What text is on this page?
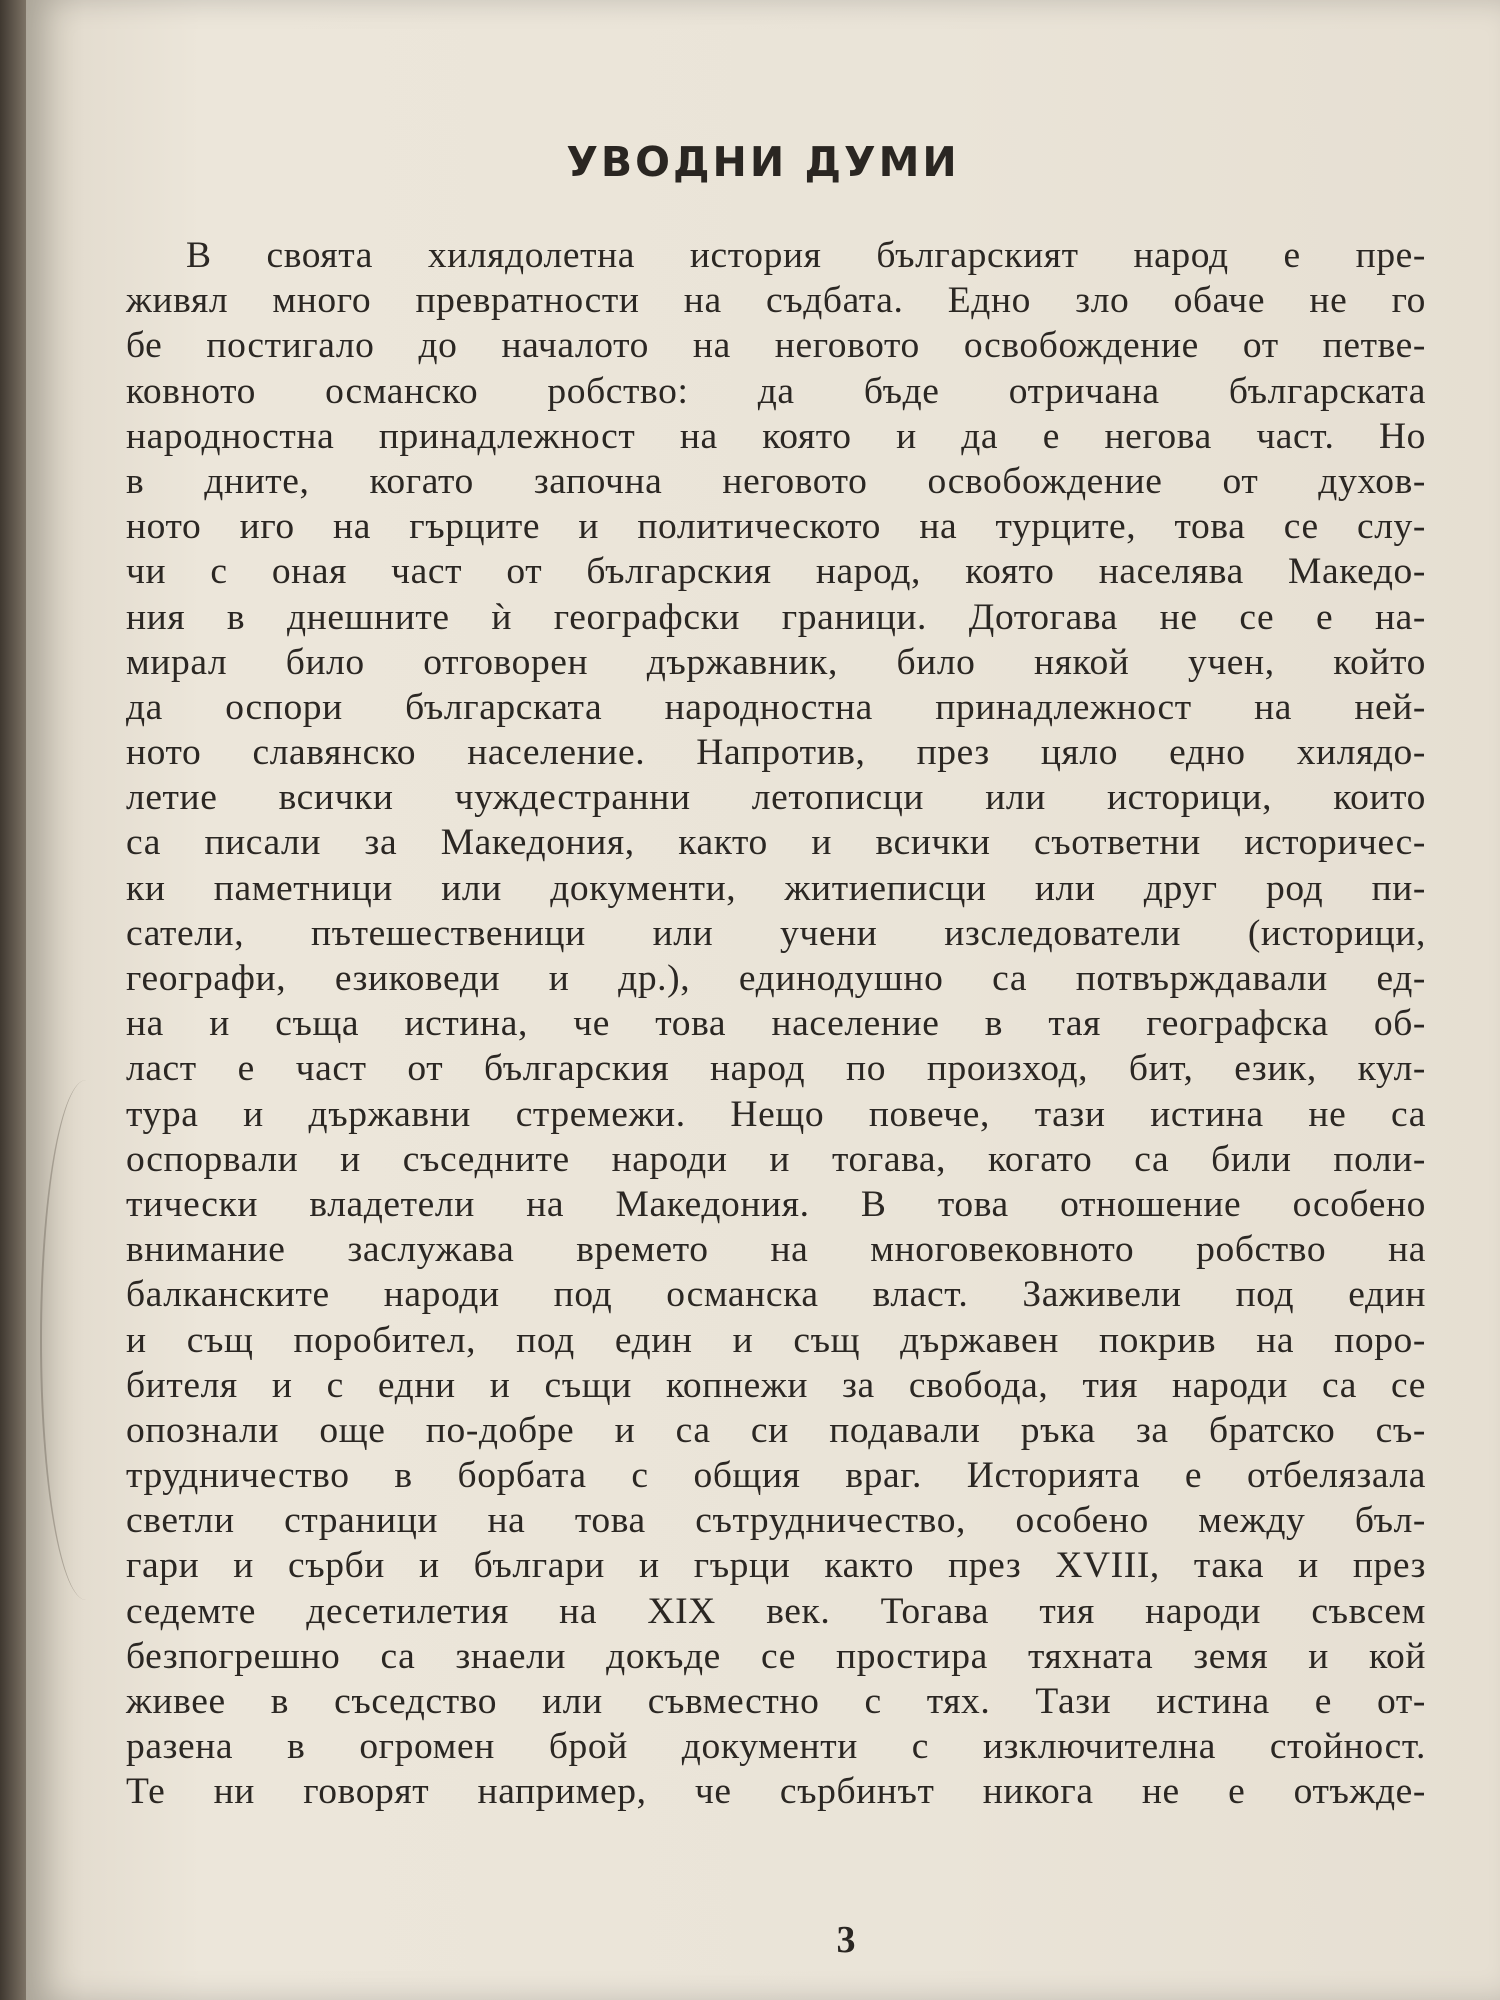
УВОДНИ ДУМИ
В своята хилядолетна история българският народ е пре-
живял много превратности на съдбата. Едно зло обаче не го
бе постигало до началото на неговото освобождение от петве-
ковното османско робство: да бъде отричана българската
народностна принадлежност на която и да е негова част. Но
в дните, когато започна неговото освобождение от духов-
ното иго на гърците и политическото на турците, това се слу-
чи с оная част от българския народ, която населява Македо-
ния в днешните ѝ географски граници. Дотогава не се е на-
мирал било отговорен държавник, било някой учен, който
да оспори българската народностна принадлежност на ней-
ното славянско население. Напротив, през цяло едно хилядо-
летие всички чуждестранни летописци или историци, които
са писали за Македония, както и всички съответни историчес-
ки паметници или документи, житиеписци или друг род пи-
сатели, пътешественици или учени изследователи (историци,
географи, езиковеди и др.), единодушно са потвърждавали ед-
на и съща истина, че това население в тая географска об-
ласт е част от българския народ по произход, бит, език, кул-
тура и държавни стремежи. Нещо повече, тази истина не са
оспорвали и съседните народи и тогава, когато са били поли-
тически владетели на Македония. В това отношение особено
внимание заслужава времето на многовековното робство на
балканските народи под османска власт. Заживели под един
и същ поробител, под един и същ държавен покрив на поро-
бителя и с едни и същи копнежи за свобода, тия народи са се
опознали още по-добре и са си подавали ръка за братско съ-
трудничество в борбата с общия враг. Историята е отбелязала
светли страници на това сътрудничество, особено между бъл-
гари и сърби и българи и гърци както през XVIII, така и през
седемте десетилетия на XIX век. Тогава тия народи съвсем
безпогрешно са знаели докъде се простира тяхната земя и кой
живее в съседство или съвместно с тях. Тази истина е от-
разена в огромен брой документи с изключителна стойност.
Те ни говорят например, че сърбинът никога не е отъжде-
3
